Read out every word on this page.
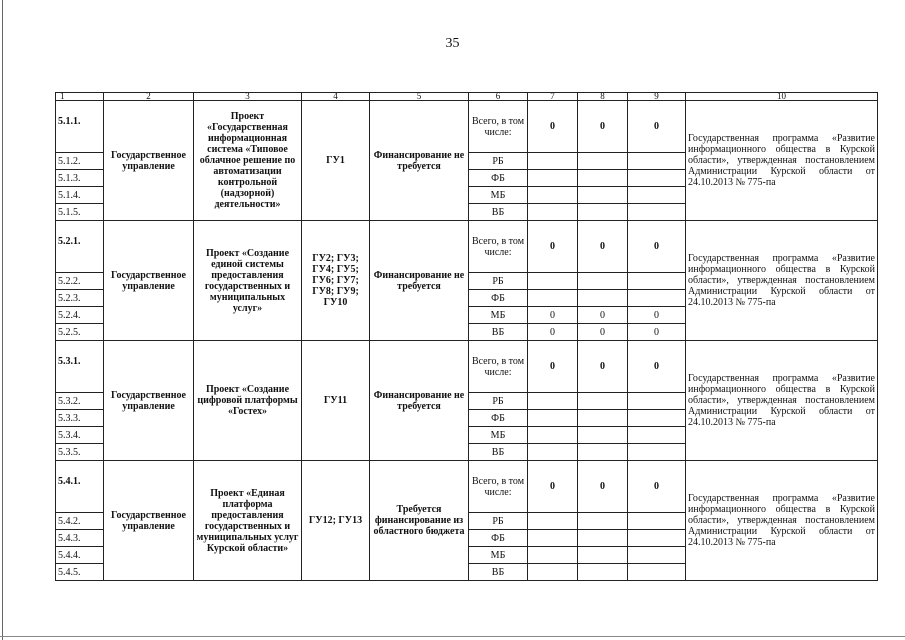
35
1	2	3	4	5	6	7	8	9	10
5.1.1.	Государственное управление	Проект «Государственная информационная система «Типовое облачное решение по автоматизации контрольной (надзорной) деятельности»	ГУ1	Финансирование не требуется	Всего, в том числе:	0	0	0	Государственная программа «Развитие информационного общества в Курской области», утвержденная постановлением Администрации Курской области от 24.10.2013 № 775-па
5.1.2.					РБ				
5.1.3.					ФБ				
5.1.4.					МБ				
5.1.5.					ВБ				
5.2.1.	Государственное управление	Проект «Создание единой системы предоставления государственных и муниципальных услуг»	ГУ2; ГУ3; ГУ4; ГУ5; ГУ6; ГУ7; ГУ8; ГУ9; ГУ10	Финансирование не требуется	Всего, в том числе:	0	0	0	Государственная программа «Развитие информационного общества в Курской области», утвержденная постановлением Администрации Курской области от 24.10.2013 № 775-па
5.2.2.					РБ				
5.2.3.					ФБ				
5.2.4.					МБ	0	0	0	
5.2.5.					ВБ	0	0	0	
5.3.1.	Государственное управление	Проект «Создание цифровой платформы «Гостех»	ГУ11	Финансирование не требуется	Всего, в том числе:	0	0	0	Государственная программа «Развитие информационного общества в Курской области», утвержденная постановлением Администрации Курской области от 24.10.2013 № 775-па
5.3.2.					РБ				
5.3.3.					ФБ				
5.3.4.					МБ				
5.3.5.					ВБ				
5.4.1.	Государственное управление	Проект «Единая платформа предоставления государственных и муниципальных услуг Курской области»	ГУ12; ГУ13	Требуется финансирование из областного бюджета	Всего, в том числе:	0	0	0	Государственная программа «Развитие информационного общества в Курской области», утвержденная постановлением Администрации Курской области от 24.10.2013 № 775-па
5.4.2.					РБ				
5.4.3.					ФБ				
5.4.4.					МБ				
5.4.5.					ВБ				
